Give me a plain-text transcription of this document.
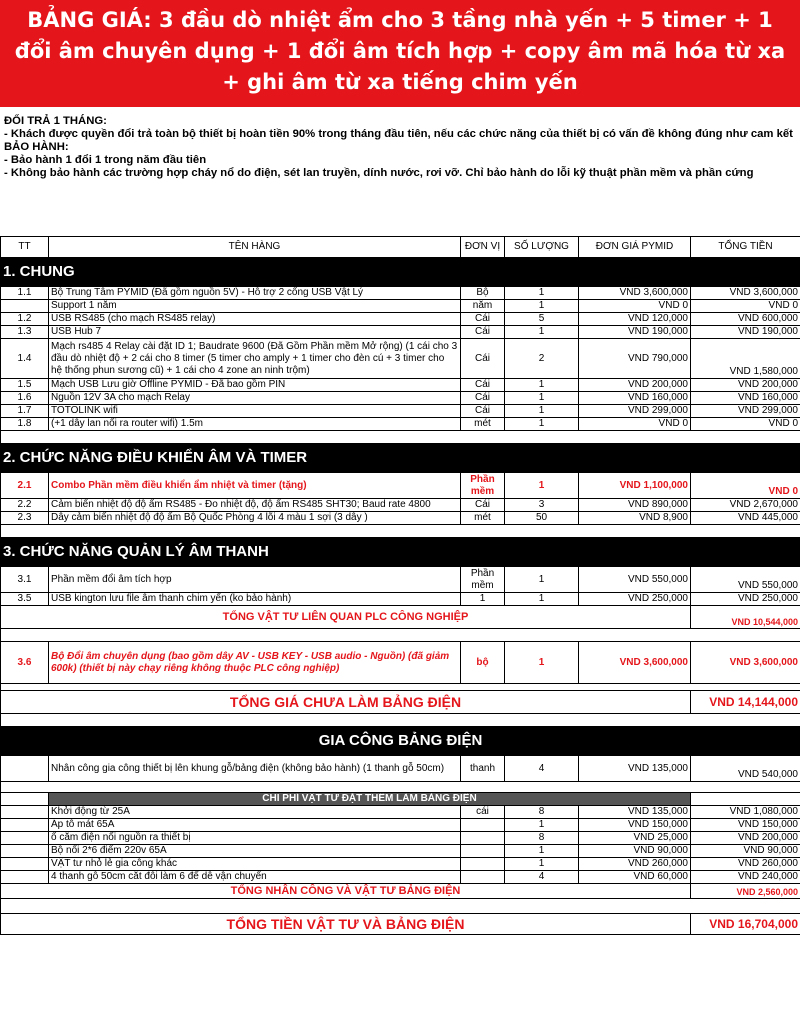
BẢNG GIÁ: 3 đầu dò nhiệt ẩm cho 3 tầng nhà yến + 5 timer + 1 đổi âm chuyên dụng + 1 đổi âm tích hợp + copy âm mã hóa từ xa + ghi âm từ xa tiếng chim yến
ĐỔI TRẢ 1 THÁNG:
- Khách được quyền đổi trả toàn bộ thiết bị hoàn tiền 90% trong tháng đầu tiên, nếu các chức năng của thiết bị có vấn đề không đúng như cam kết
BẢO HÀNH:
- Bảo hành 1 đổi 1 trong năm đầu tiên
- Không bảo hành các trường hợp cháy nổ do điện, sét lan truyền, dính nước, rơi vỡ. Chỉ bảo hành do lỗi kỹ thuật phần mềm và phần cứng
TT	TÊN HÀNG	ĐƠN VỊ	SỐ LƯỢNG	ĐƠN GIÁ PYMID	TỔNG TIỀN
1. CHUNG					
1.1	Bộ Trung Tâm PYMID (Đã gồm nguồn 5V) - Hỗ trợ 2 cổng USB Vật Lý	Bộ	1	VND 3,600,000	VND 3,600,000
	Support 1 năm	năm	1	VND 0	VND 0
1.2	USB RS485 (cho mạch RS485 relay)	Cái	5	VND 120,000	VND 600,000
1.3	USB Hub 7	Cái	1	VND 190,000	VND 190,000
1.4	Mạch rs485 4 Relay cài đặt ID 1; Baudrate 9600 (Đã Gồm Phần mềm Mở rộng) (1 cái cho 3 đầu dò nhiệt độ + 2 cái cho 8 timer (5 timer cho amply + 1 timer cho đèn cú + 3 timer cho hệ thống phun sương cũ) + 1 cái cho 4 zone an ninh trộm)	Cái	2	VND 790,000	VND 1,580,000
1.5	Mạch USB Lưu giờ Offline PYMID - Đã bao gồm PIN	Cái	1	VND 200,000	VND 200,000
1.6	Nguồn 12V 3A cho mạch Relay	Cái	1	VND 160,000	VND 160,000
1.7	TOTOLINK wifi	Cái	1	VND 299,000	VND 299,000
1.8	(+1 dây lan nối ra router wifi) 1.5m	mét	1	VND 0	VND 0

2. CHỨC NĂNG ĐIỀU KHIỂN ÂM VÀ TIMER					
2.1	Combo Phần mềm điều khiển ẩm nhiệt và timer (tặng)	Phần mềm	1	VND 1,100,000	VND 0
2.2	Cảm biến nhiệt độ độ ẩm RS485 - Đo nhiệt độ, độ ẩm RS485 SHT30; Baud rate 4800	Cái	3	VND 890,000	VND 2,670,000
2.3	Dây cảm biến nhiệt độ độ ẩm Bộ Quốc Phòng 4 lõi 4 màu 1 sợi (3 dây )	mét	50	VND 8,900	VND 445,000

3. CHỨC NĂNG QUẢN LÝ ÂM THANH					
3.1	Phần mềm đổi âm tích hợp	Phần mềm	1	VND 550,000	VND 550,000
3.5	USB kington lưu file âm thanh chim yến (ko bảo hành)	1	1	VND 250,000	VND 250,000
TỔNG VẬT TƯ LIÊN QUAN PLC CÔNG NGHIỆP					VND 10,544,000

3.6	Bộ Đổi âm chuyên dụng (bao gồm dây AV - USB KEY - USB audio - Nguồn) (đã giảm 600k) (thiết bị này chạy riêng không thuộc PLC công nghiệp)	bộ	1	VND 3,600,000	VND 3,600,000

TỔNG GIÁ CHƯA LÀM BẢNG ĐIỆN					VND 14,144,000

GIA CÔNG BẢNG ĐIỆN					
	Nhân công gia công thiết bị lên khung gỗ/bảng điện (không bảo hành) (1 thanh gỗ 50cm)	thanh	4	VND 135,000	VND 540,000

	CHI PHÍ VẬT TƯ ĐẶT THÊM LÀM BẢNG ĐIỆN				
	Khởi động từ 25A	cái	8	VND 135,000	VND 1,080,000
	Áp tô mát 65A		1	VND 150,000	VND 150,000
	ổ cắm điện nối nguồn ra thiết bị		8	VND 25,000	VND 200,000
	Bộ nối 2*6 điểm 220v 65A		1	VND 90,000	VND 90,000
	VẬT tư nhỏ lẻ gia công khác		1	VND 260,000	VND 260,000
	4 thanh gỗ 50cm cắt đôi làm 6 để dễ vận chuyển		4	VND 60,000	VND 240,000
TỔNG NHÂN CÔNG VÀ VẬT TƯ BẢNG ĐIỆN					VND 2,560,000

TỔNG TIỀN VẬT TƯ VÀ BẢNG ĐIỆN					VND 16,704,000
